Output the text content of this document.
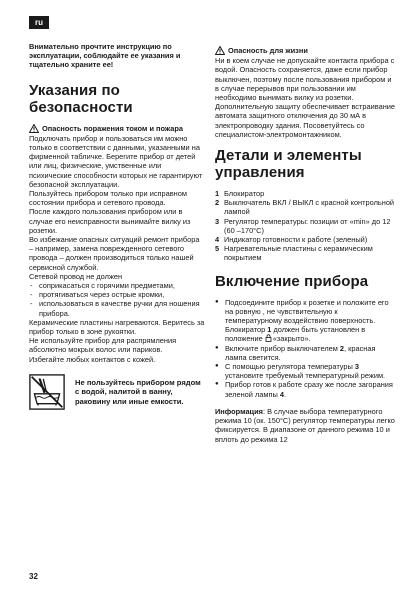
ru

Внимательно прочтите инструкцию по эксплуатации, соблюдайте ее указания и тщательно храните ее!

Указания по безопасности
Опасность поражения током и пожара

Подключать прибор и пользоваться им можно только в соответствии с данными, указанными на фирменной табличке. Берегите прибор от детей или лиц, физические, умственные или психические способности которых не гарантируют безопасной эксплуатации.

Пользуйтесь прибором только при исправном состоянии прибора и сетевого провода.

После каждого пользования прибором или в случае его неисправности вынимайте вилку из розетки.

Во избежание опасных ситуаций ремонт прибора – например, замена поврежденного сетевого провода – должен производиться только нашей сервисной службой.

Сетевой провод не должен

- соприкасаться с горячими предметами,
- протягиваться через острые кромки,
- использоваться в качестве ручки для ношения прибора.

Керамические пластины нагреваются. Беритесь за прибор только в зоне рукоятки.

Не используйте прибор для распрямления абсолютно мокрых волос или париков.

Избегайте любых контактов с кожей.

Не пользуйтесь прибором рядом с водой, налитой в ванну, раковину или иные емкости.
Опасность для жизни

Ни в коем случае не допускайте контакта прибора с водой. Опасность сохраняется, даже если прибор выключен, поэтому после пользования прибором и в случае перерывов при пользовании им необходимо вынимать вилку из розетки. Дополнительную защиту обеспечивает встраивание автомата защитного отключения до 30 мА в электропроводку здания. Посоветуйтесь со специалистом-электромонтажником.

Детали и элементы управления
1 Блокиратор
2 Выключатель ВКЛ / ВЫКЛ с красной контрольной лампой
3 Регулятор температуры: позиции от «min» до 12 (60 –170°C)
4 Индикатор готовности к работе (зеленый)
5 Нагревательные пластины с керамическим покрытием
Включение прибора
● Подсоедините прибор к розетке и положите его на ровную , не чувствительную к температурному воздействию поверхность. Блокиратор 1 должен быть установлен в положение «закрыто».
● Включите прибор выключателем 2, красная лампа светится.
● С помощью регулятора температуры 3 установите требуемый температурный режим.
● Прибор готов к работе сразу же после загорания зеленой лампы 4.

Информация: В случае выбора температурного режима 10 (ок. 150°C) регулятор температуры легко фиксируется. В диапазоне от данного режима 10 и вплоть до режима 12

32
